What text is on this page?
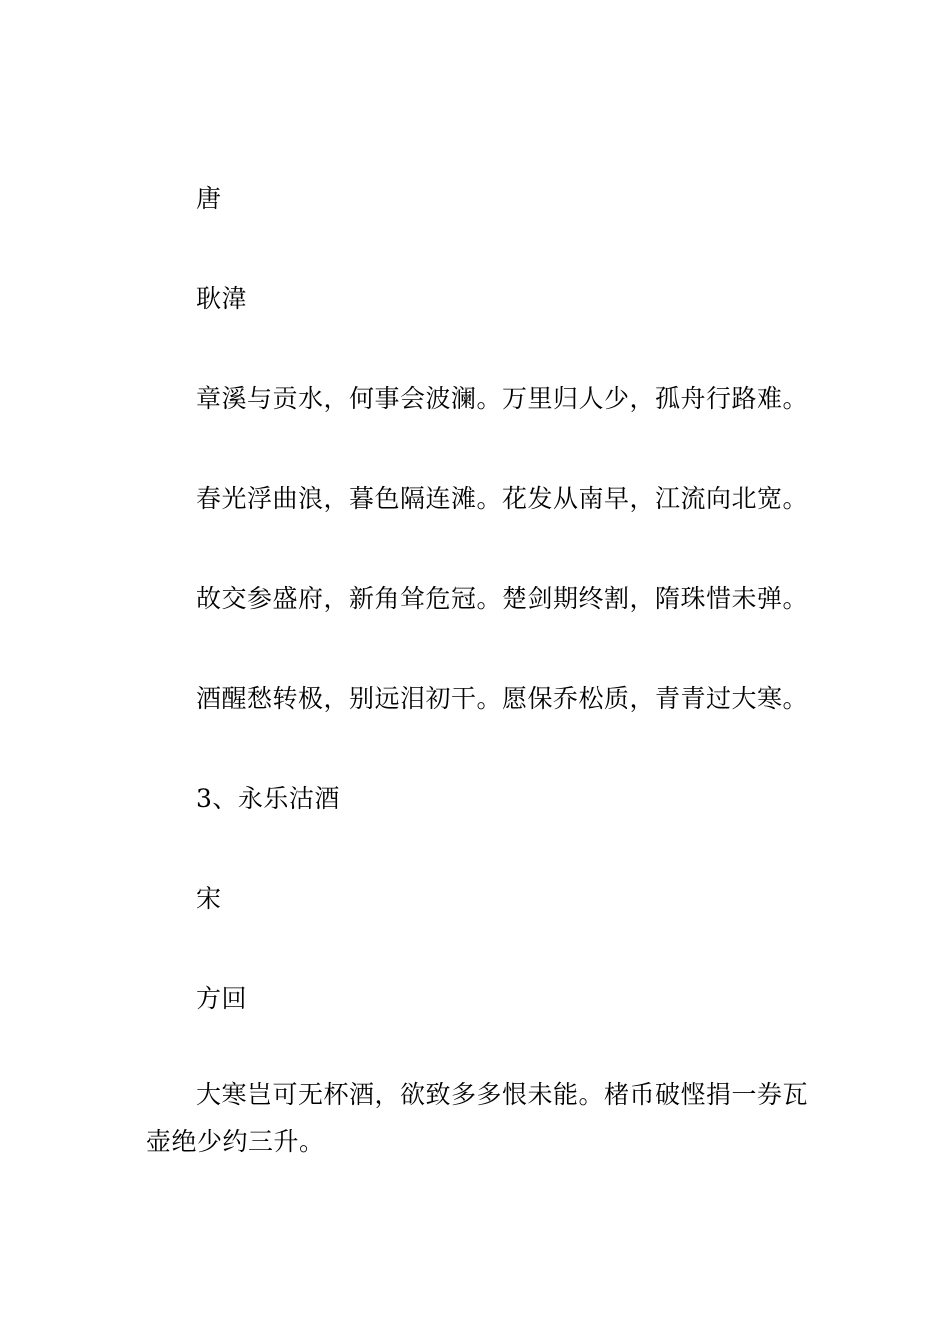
唐
耿湋
章溪与贡水，何事会波澜。万里归人少，孤舟行路难。
春光浮曲浪，暮色隔连滩。花发从南早，江流向北宽。
故交参盛府，新角耸危冠。楚剑期终割，隋珠惜未弹。
酒醒愁转极，别远泪初干。愿保乔松质，青青过大寒。
3、永乐沽酒
宋
方回
大寒岂可无杯酒，欲致多多恨未能。楮币破悭捐一券瓦壶绝少约三升。
